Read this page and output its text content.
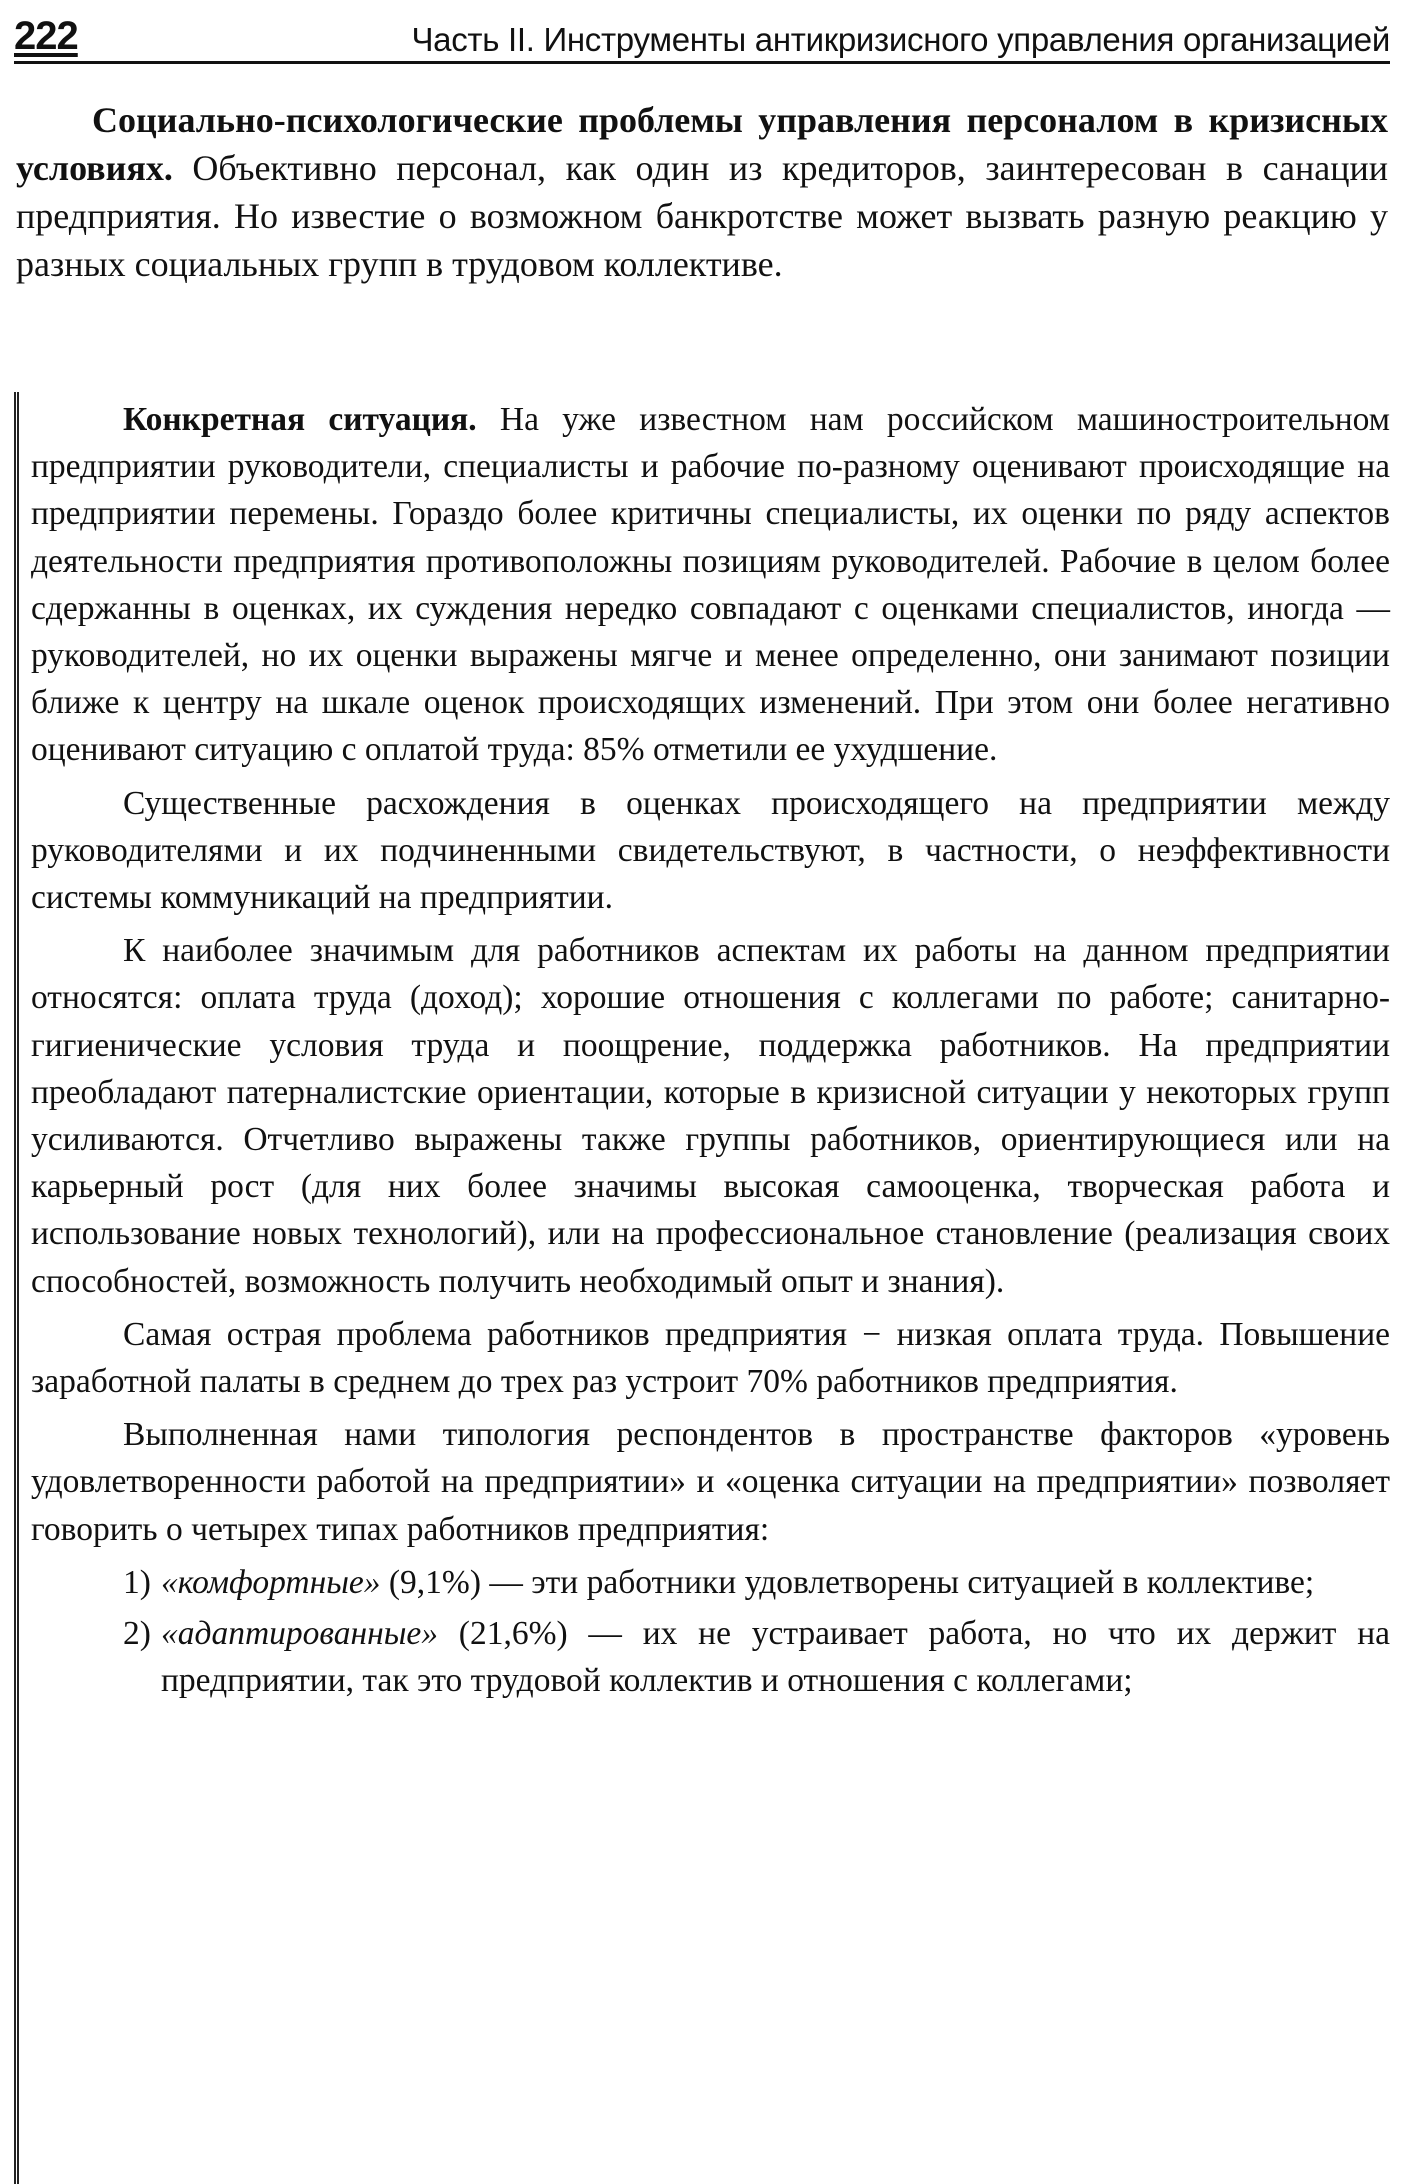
222	Часть II. Инструменты антикризисного управления организацией

Социально-психологические проблемы управления персоналом в кризисных условиях. Объективно персонал, как один из кредиторов, заинтересован в санации предприятия. Но известие о возможном банкротстве может вызвать разную реакцию у разных социальных групп в трудовом коллективе.

Конкретная ситуация. На уже известном нам российском машиностроительном предприятии руководители, специалисты и рабочие по-разному оценивают происходящие на предприятии перемены. Гораздо более критичны специалисты, их оценки по ряду аспектов деятельности предприятия противоположны позициям руководителей. Рабочие в целом более сдержанны в оценках, их суждения нередко совпадают с оценками специалистов, иногда — руководителей, но их оценки выражены мягче и менее определенно, они занимают позиции ближе к центру на шкале оценок происходящих изменений. При этом они более негативно оценивают ситуацию с оплатой труда: 85% отметили ее ухудшение.

Существенные расхождения в оценках происходящего на предприятии между руководителями и их подчиненными свидетельствуют, в частности, о неэффективности системы коммуникаций на предприятии.

К наиболее значимым для работников аспектам их работы на данном предприятии относятся: оплата труда (доход); хорошие отношения с коллегами по работе; санитарно-гигиенические условия труда и поощрение, поддержка работников. На предприятии преобладают патерналистские ориентации, которые в кризисной ситуации у некоторых групп усиливаются. Отчетливо выражены также группы работников, ориентирующиеся или на карьерный рост (для них более значимы высокая самооценка, творческая работа и использование новых технологий), или на профессиональное становление (реализация своих способностей, возможность получить необходимый опыт и знания).

Самая острая проблема работников предприятия − низкая оплата труда. Повышение заработной палаты в среднем до трех раз устроит 70% работников предприятия.

Выполненная нами типология респондентов в пространстве факторов «уровень удовлетворенности работой на предприятии» и «оценка ситуации на предприятии» позволяет говорить о четырех типах работников предприятия:

1) «комфортные» (9,1%) — эти работники удовлетворены ситуацией в коллективе;
2) «адаптированные» (21,6%) — их не устраивает работа, но что их держит на предприятии, так это трудовой коллектив и отношения с коллегами;
